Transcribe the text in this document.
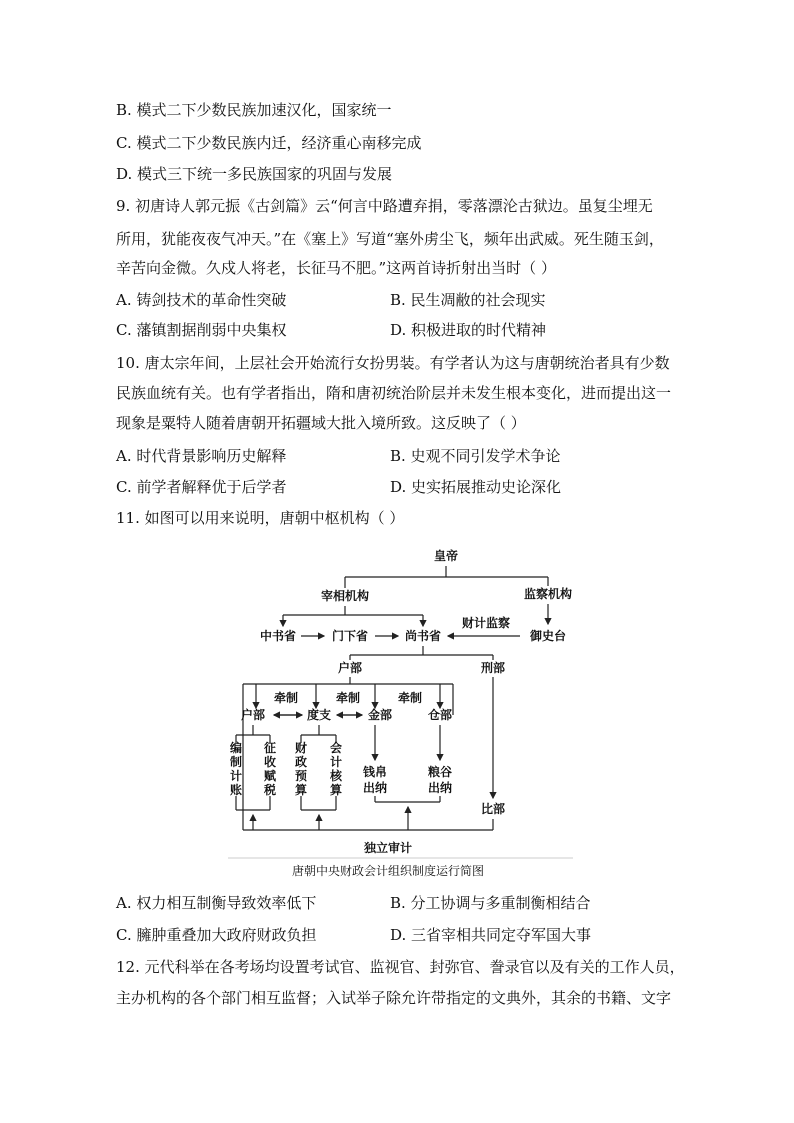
B. 模式二下少数民族加速汉化，国家统一
C. 模式二下少数民族内迁，经济重心南移完成
D. 模式三下统一多民族国家的巩固与发展
9. 初唐诗人郭元振《古剑篇》云“何言中路遭弃捐，零落漂沦古狱边。虽复尘埋无
所用，犹能夜夜气冲天。”在《塞上》写道“塞外虏尘飞，频年出武威。死生随玉剑，
辛苦向金微。久戍人将老，长征马不肥。”这两首诗折射出当时（ ）
A. 铸剑技术的革命性突破	B. 民生凋敝的社会现实
C. 藩镇割据削弱中央集权	D. 积极进取的时代精神
10. 唐太宗年间，上层社会开始流行女扮男装。有学者认为这与唐朝统治者具有少数
民族血统有关。也有学者指出，隋和唐初统治阶层并未发生根本变化，进而提出这一
现象是粟特人随着唐朝开拓疆域大批入境所致。这反映了（ ）
A. 时代背景影响历史解释	B. 史观不同引发学术争论
C. 前学者解释优于后学者	D. 史实拓展推动史论深化
11. 如图可以用来说明，唐朝中枢机构（ ）
皇帝
宰相机构	监察机构
中书省	门下省	尚书省
财计监察
御史台
户部	刑部
牵制	牵制	牵制
户部	度支	金部	仓部
编
制
计
账
征
收
赋
税
财
政
预
算
会
计
核
算
钱帛
出纳
粮谷
出纳
比部
独立审计
唐朝中央财政会计组织制度运行简图
A. 权力相互制衡导致效率低下	B. 分工协调与多重制衡相结合
C. 臃肿重叠加大政府财政负担	D. 三省宰相共同定夺军国大事
12. 元代科举在各考场均设置考试官、监视官、封弥官、誊录官以及有关的工作人员，
主办机构的各个部门相互监督；入试举子除允许带指定的文典外，其余的书籍、文字
